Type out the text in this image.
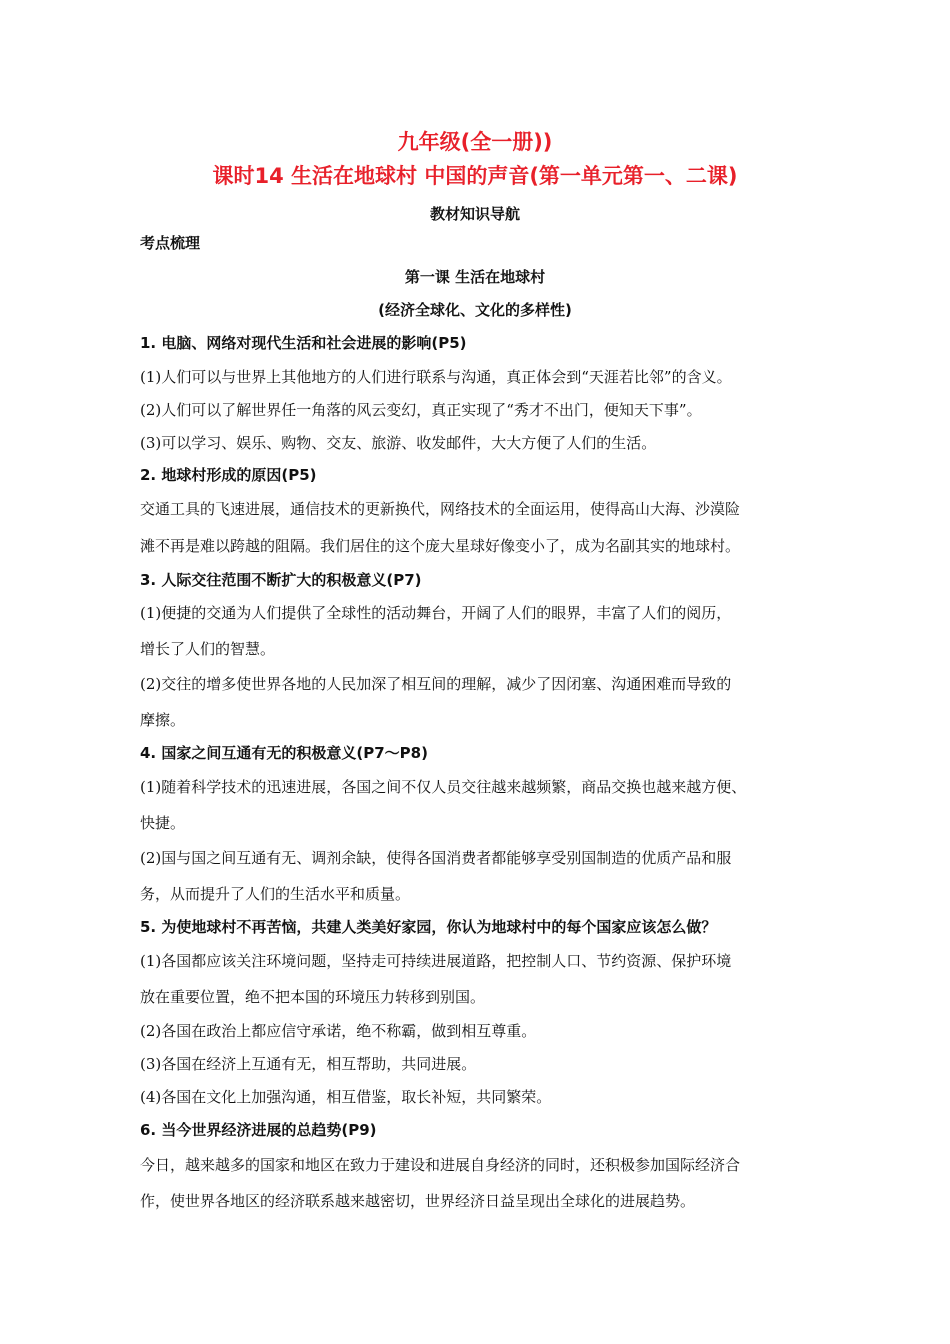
九年级(全一册))
课时14 生活在地球村 中国的声音(第一单元第一、二课)
教材知识导航
考点梳理
第一课 生活在地球村
(经济全球化、文化的多样性)
1. 电脑、网络对现代生活和社会进展的影响(P5)
(1)人们可以与世界上其他地方的人们进行联系与沟通，真正体会到“天涯若比邻”的含义。
(2)人们可以了解世界任一角落的风云变幻，真正实现了“秀才不出门，便知天下事”。
(3)可以学习、娱乐、购物、交友、旅游、收发邮件，大大方便了人们的生活。
2. 地球村形成的原因(P5)
交通工具的飞速进展，通信技术的更新换代，网络技术的全面运用，使得高山大海、沙漠险
滩不再是难以跨越的阻隔。我们居住的这个庞大星球好像变小了，成为名副其实的地球村。
3. 人际交往范围不断扩大的积极意义(P7)
(1)便捷的交通为人们提供了全球性的活动舞台，开阔了人们的眼界，丰富了人们的阅历，
增长了人们的智慧。
(2)交往的增多使世界各地的人民加深了相互间的理解，减少了因闭塞、沟通困难而导致的
摩擦。
4. 国家之间互通有无的积极意义(P7～P8)
(1)随着科学技术的迅速进展，各国之间不仅人员交往越来越频繁，商品交换也越来越方便、
快捷。
(2)国与国之间互通有无、调剂余缺，使得各国消费者都能够享受别国制造的优质产品和服
务，从而提升了人们的生活水平和质量。
5. 为使地球村不再苦恼，共建人类美好家园，你认为地球村中的每个国家应该怎么做？
(1)各国都应该关注环境问题，坚持走可持续进展道路，把控制人口、节约资源、保护环境
放在重要位置，绝不把本国的环境压力转移到别国。
(2)各国在政治上都应信守承诺，绝不称霸，做到相互尊重。
(3)各国在经济上互通有无，相互帮助，共同进展。
(4)各国在文化上加强沟通，相互借鉴，取长补短，共同繁荣。
6. 当今世界经济进展的总趋势(P9)
今日，越来越多的国家和地区在致力于建设和进展自身经济的同时，还积极参加国际经济合
作，使世界各地区的经济联系越来越密切，世界经济日益呈现出全球化的进展趋势。
